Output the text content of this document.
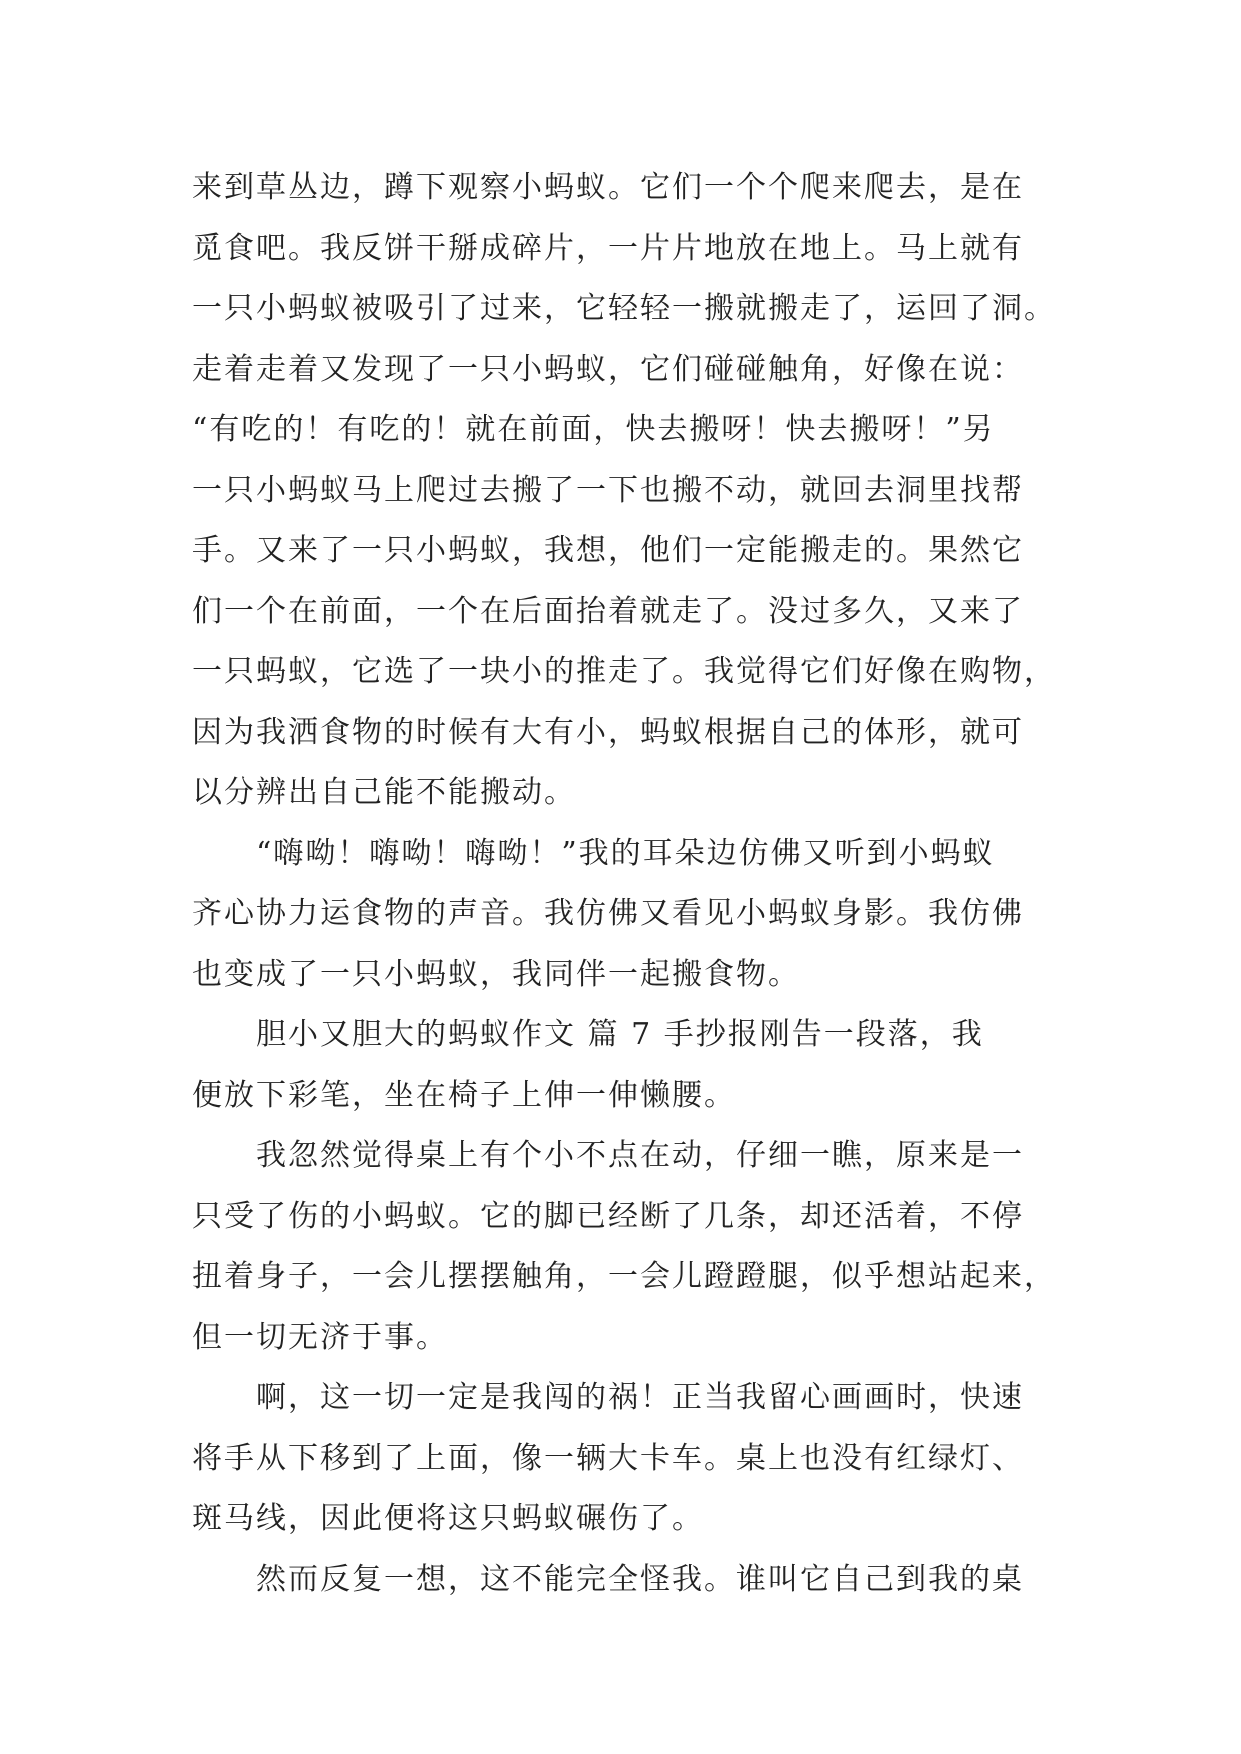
来到草丛边，蹲下观察小蚂蚁。它们一个个爬来爬去，是在
觅食吧。我反饼干掰成碎片，一片片地放在地上。马上就有
一只小蚂蚁被吸引了过来，它轻轻一搬就搬走了，运回了洞。
走着走着又发现了一只小蚂蚁，它们碰碰触角，好像在说：
“有吃的！有吃的！就在前面，快去搬呀！快去搬呀！”另
一只小蚂蚁马上爬过去搬了一下也搬不动，就回去洞里找帮
手。又来了一只小蚂蚁，我想，他们一定能搬走的。果然它
们一个在前面，一个在后面抬着就走了。没过多久，又来了
一只蚂蚁，它选了一块小的推走了。我觉得它们好像在购物，
因为我洒食物的时候有大有小，蚂蚁根据自己的体形，就可
以分辨出自己能不能搬动。
“嗨呦！嗨呦！嗨呦！”我的耳朵边仿佛又听到小蚂蚁
齐心协力运食物的声音。我仿佛又看见小蚂蚁身影。我仿佛
也变成了一只小蚂蚁，我同伴一起搬食物。
胆小又胆大的蚂蚁作文 篇 7 手抄报刚告一段落，我
便放下彩笔，坐在椅子上伸一伸懒腰。
我忽然觉得桌上有个小不点在动，仔细一瞧，原来是一
只受了伤的小蚂蚁。它的脚已经断了几条，却还活着，不停
扭着身子，一会儿摆摆触角，一会儿蹬蹬腿，似乎想站起来，
但一切无济于事。
啊，这一切一定是我闯的祸！正当我留心画画时，快速
将手从下移到了上面，像一辆大卡车。桌上也没有红绿灯、
斑马线，因此便将这只蚂蚁碾伤了。
然而反复一想，这不能完全怪我。谁叫它自己到我的桌
